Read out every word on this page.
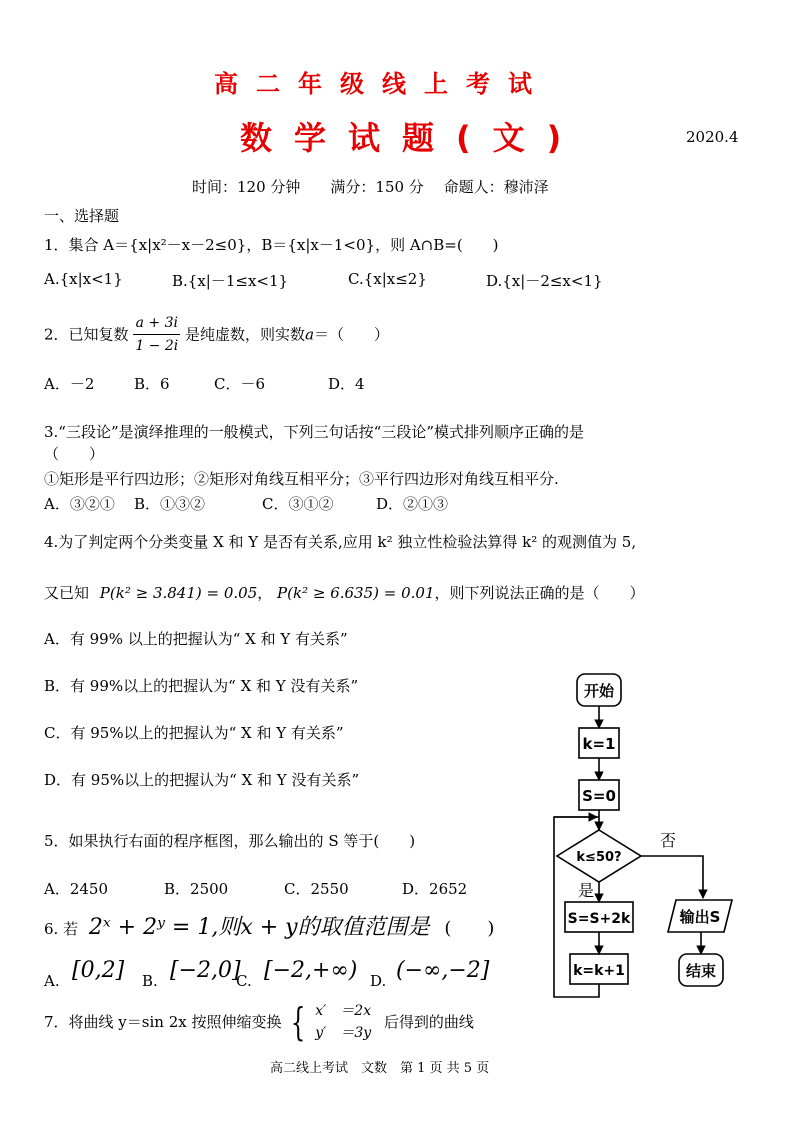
高二年级线上考试
数学试题(文)	2020.4
时间：120 分钟　　满分：150 分　 命题人：穆沛泽
一、选择题
1．集合 A＝{x|x²－x－2≤0}，B＝{x|x－1<0}，则 A∩B=(　　)
A.{x|x<1}	B.{x|－1≤x<1}	C.{x|x≤2}	D.{x|－2≤x<1}
2．已知复数 $\frac{a + 3i}{1 - 2i}$ 是纯虚数，则实数a＝（　　）
A．－2	B．6	C．－6	D．4
3.“三段论”是演绎推理的一般模式，下列三句话按“三段论”模式排列顺序正确的是
（　　）
①矩形是平行四边形；②矩形对角线互相平分；③平行四边形对角线互相平分.
A．③②① B．①③②	C．③①②	D．②①③
4.为了判定两个分类变量 X 和 Y 是否有关系,应用 k² 独立性检验法算得 k² 的观测值为 5,
又已知 P(k² ≥ 3.841) = 0.05， P(k² ≥ 6.635) = 0.01，则下列说法正确的是（　　）
A．有 99% 以上的把握认为“ X 和 Y 有关系”
B．有 99%以上的把握认为“ X 和 Y 没有关系”
C．有 95%以上的把握认为“ X 和 Y 有关系”
D．有 95%以上的把握认为“ X 和 Y 没有关系”
5．如果执行右面的程序框图，那么输出的 S 等于(　　)
A．2450	B．2500	C．2550	D．2652
6. 若 2ˣ + 2ʸ = 1,则x + y的取值范围是 (　　)
A. [0,2] B. [−2,0]
C. [−2,+∞) D. (−∞,−2]
7．将曲线 y＝sin 2x 按照伸缩变换 { x′　＝2x
y′　＝3y
后得到的曲线
开始
k=1
S=0
k≤50?
S=S+2k
k=k+1
输出S
结束
否
是
高二线上考试　文数　第 1 页 共 5 页
